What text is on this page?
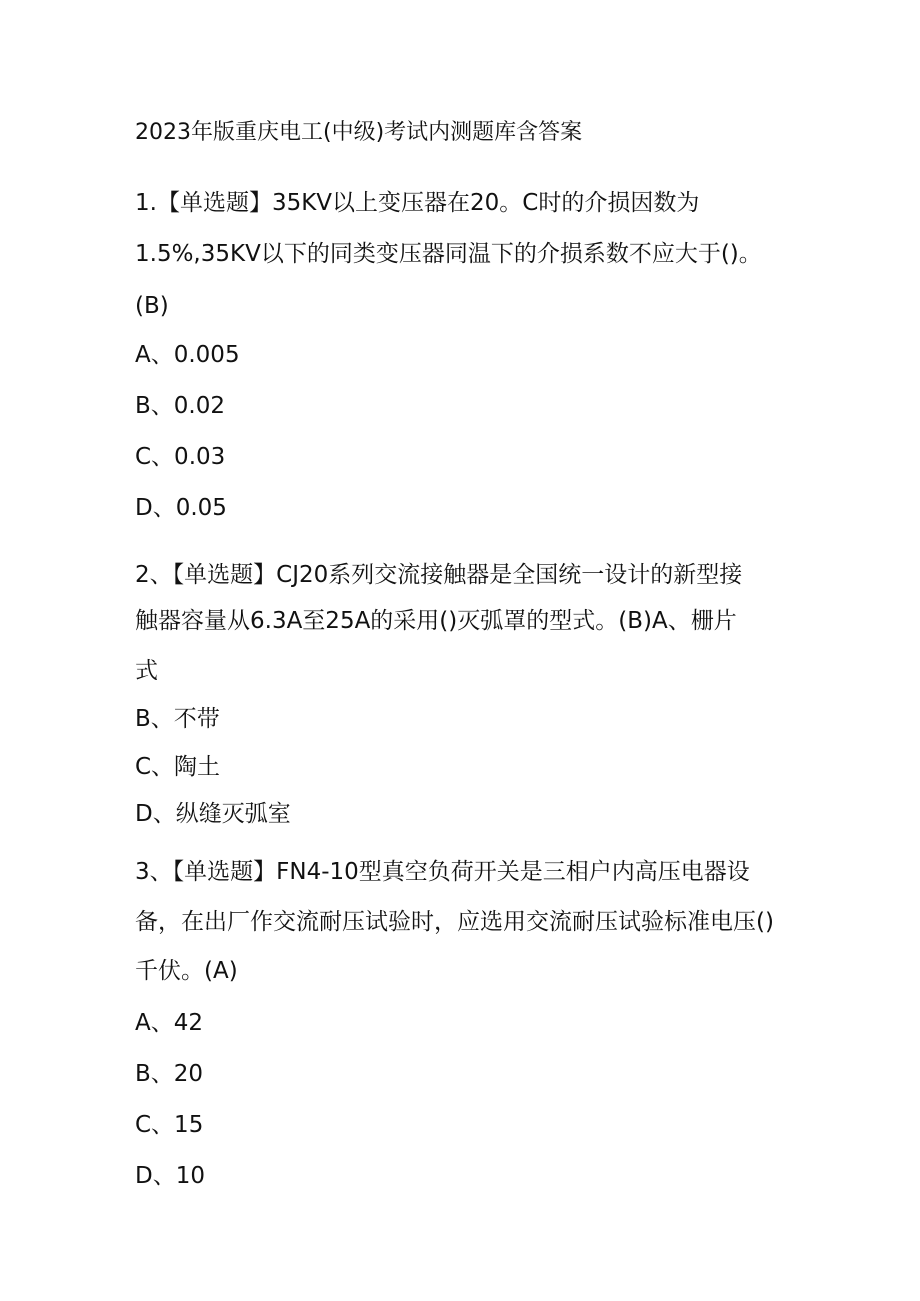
2023年版重庆电工(中级)考试内测题库含答案

1.【单选题】35KV以上变压器在20。C时的介损因数为

1.5%,35KV以下的同类变压器同温下的介损系数不应大于()。

(B)

A、0.005

B、0.02

C、0.03

D、0.05

2、【单选题】CJ20系列交流接触器是全国统一设计的新型接

触器容量从6.3A至25A的采用()灭弧罩的型式。(B)A、栅片

式

B、不带

C、陶土

D、纵缝灭弧室

3、【单选题】FN4-10型真空负荷开关是三相户内高压电器设

备，在出厂作交流耐压试验时，应选用交流耐压试验标准电压()

千伏。(A)

A、42

B、20

C、15

D、10
